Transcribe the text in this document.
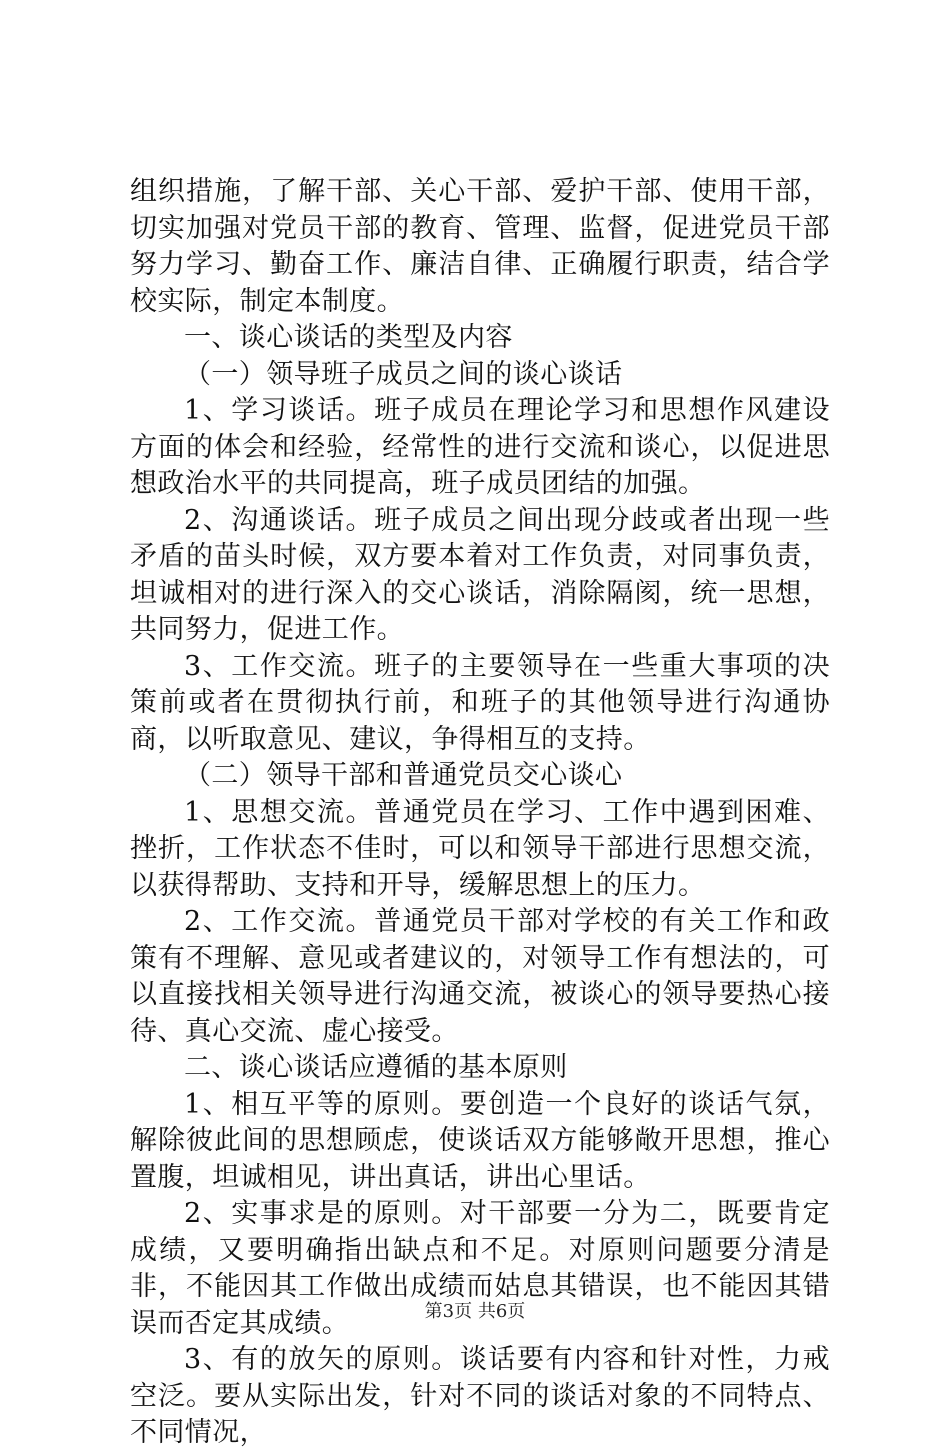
组织措施，了解干部、关心干部、爱护干部、使用干部，切实加强对党员干部的教育、管理、监督，促进党员干部努力学习、勤奋工作、廉洁自律、正确履行职责，结合学校实际，制定本制度。

一、谈心谈话的类型及内容

（一）领导班子成员之间的谈心谈话

1、学习谈话。班子成员在理论学习和思想作风建设方面的体会和经验，经常性的进行交流和谈心，以促进思想政治水平的共同提高，班子成员团结的加强。

2、沟通谈话。班子成员之间出现分歧或者出现一些矛盾的苗头时候，双方要本着对工作负责，对同事负责，坦诚相对的进行深入的交心谈话，消除隔阂，统一思想，共同努力，促进工作。

3、工作交流。班子的主要领导在一些重大事项的决策前或者在贯彻执行前，和班子的其他领导进行沟通协商，以听取意见、建议，争得相互的支持。

（二）领导干部和普通党员交心谈心

1、思想交流。普通党员在学习、工作中遇到困难、挫折，工作状态不佳时，可以和领导干部进行思想交流，以获得帮助、支持和开导，缓解思想上的压力。

2、工作交流。普通党员干部对学校的有关工作和政策有不理解、意见或者建议的，对领导工作有想法的，可以直接找相关领导进行沟通交流，被谈心的领导要热心接待、真心交流、虚心接受。

二、谈心谈话应遵循的基本原则

1、相互平等的原则。要创造一个良好的谈话气氛，解除彼此间的思想顾虑，使谈话双方能够敞开思想，推心置腹，坦诚相见，讲出真话，讲出心里话。

2、实事求是的原则。对干部要一分为二，既要肯定成绩，又要明确指出缺点和不足。对原则问题要分清是非，不能因其工作做出成绩而姑息其错误，也不能因其错误而否定其成绩。

3、有的放矢的原则。谈话要有内容和针对性，力戒空泛。要从实际出发，针对不同的谈话对象的不同特点、不同情况，

第3页 共6页
